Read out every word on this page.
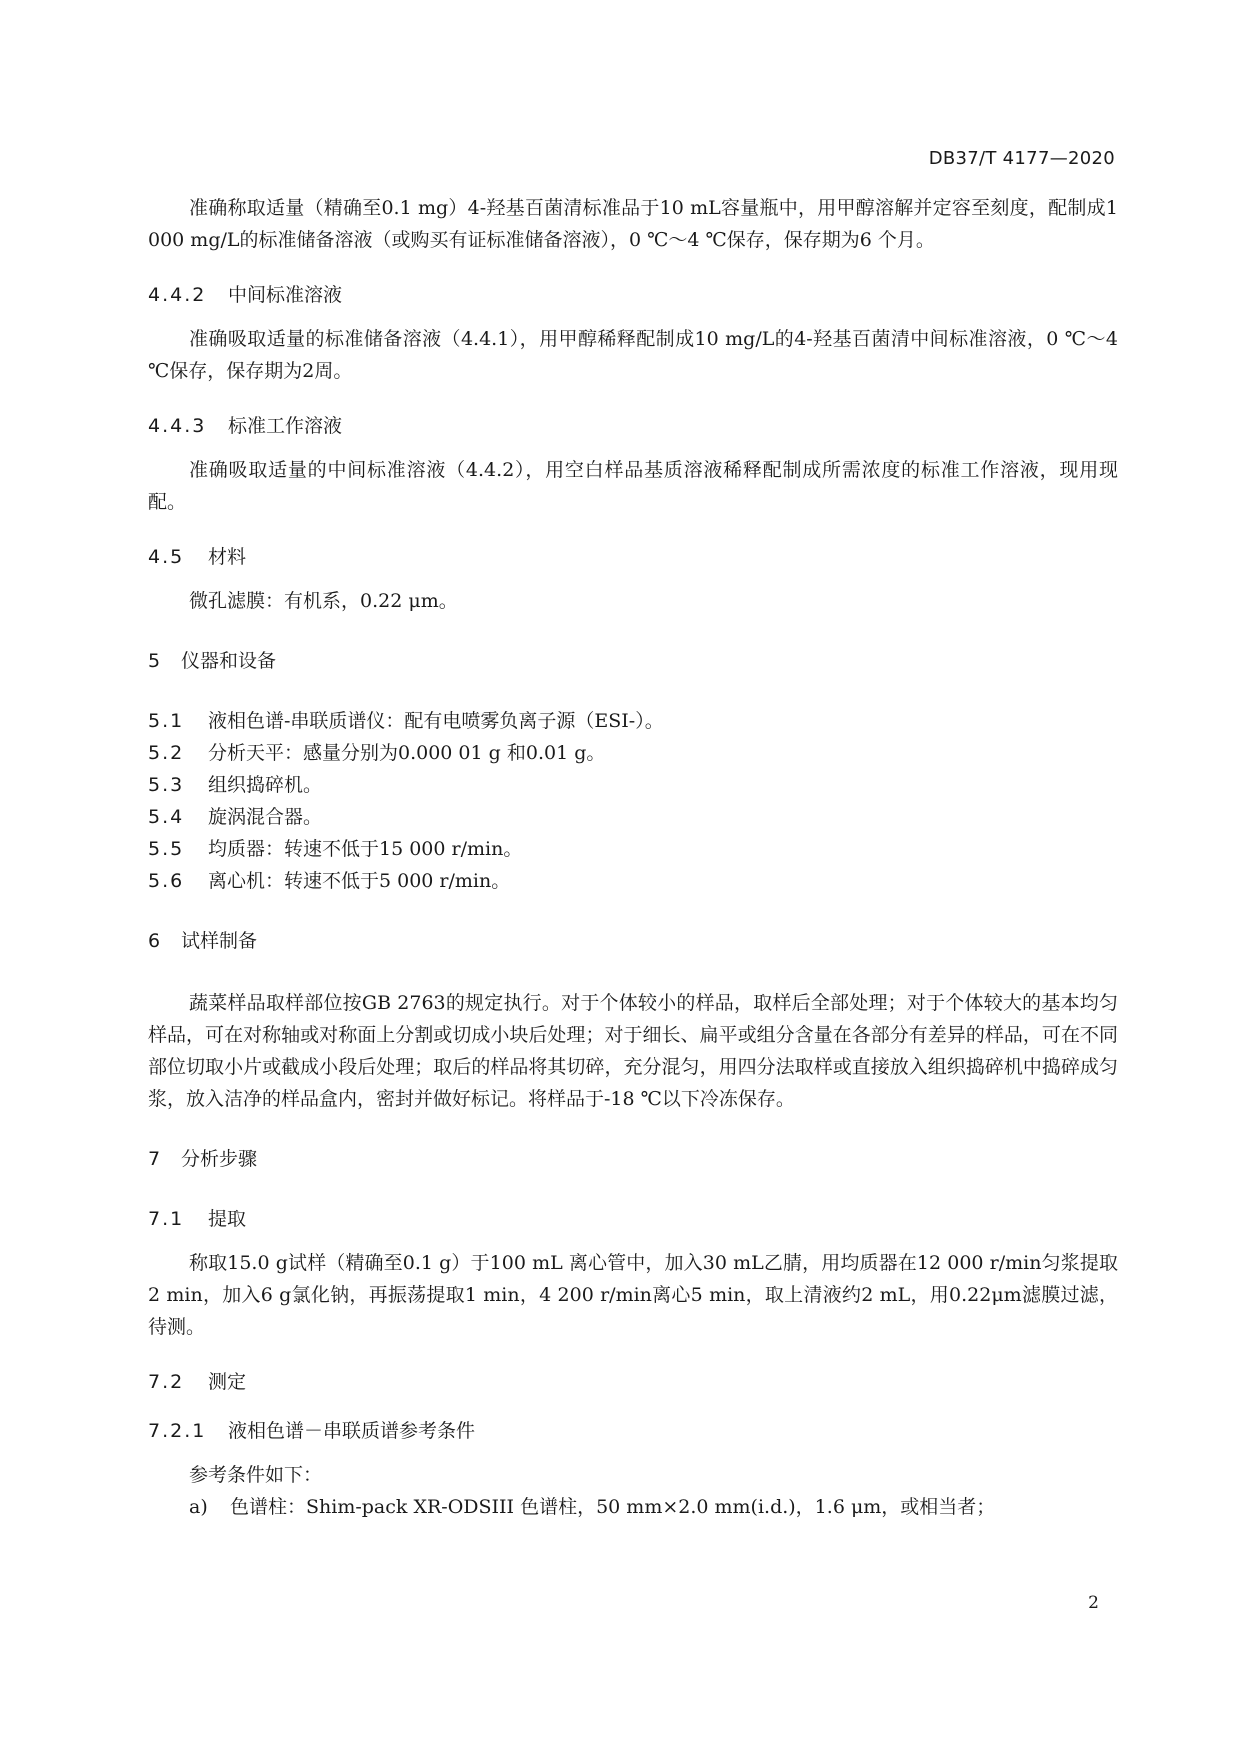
DB37/T 4177—2020

准确称取适量（精确至0.1 mg）4-羟基百菌清标准品于10 mL容量瓶中，用甲醇溶解并定容至刻度，配制成1 000 mg/L的标准储备溶液（或购买有证标准储备溶液），0 ℃～4 ℃保存，保存期为6 个月。

4.4.2	中间标准溶液

准确吸取适量的标准储备溶液（4.4.1），用甲醇稀释配制成10 mg/L的4-羟基百菌清中间标准溶液，0 ℃～4 ℃保存，保存期为2周。

4.4.3	标准工作溶液

准确吸取适量的中间标准溶液（4.4.2），用空白样品基质溶液稀释配制成所需浓度的标准工作溶液，现用现配。

4.5	材料

微孔滤膜：有机系，0.22 μm。

5	仪器和设备
5.1	液相色谱-串联质谱仪：配有电喷雾负离子源（ESI-）。
5.2	分析天平：感量分别为0.000 01 g 和0.01 g。
5.3	组织捣碎机。
5.4	旋涡混合器。
5.5	均质器：转速不低于15 000 r/min。
5.6	离心机：转速不低于5 000 r/min。
6	试样制备

蔬菜样品取样部位按GB 2763的规定执行。对于个体较小的样品，取样后全部处理；对于个体较大的基本均匀样品，可在对称轴或对称面上分割或切成小块后处理；对于细长、扁平或组分含量在各部分有差异的样品，可在不同部位切取小片或截成小段后处理；取后的样品将其切碎，充分混匀，用四分法取样或直接放入组织捣碎机中捣碎成匀浆，放入洁净的样品盒内，密封并做好标记。将样品于-18 ℃以下冷冻保存。

7	分析步骤
7.1	提取

称取15.0 g试样（精确至0.1 g）于100 mL 离心管中，加入30 mL乙腈，用均质器在12 000 r/min匀浆提取2 min，加入6 g氯化钠，再振荡提取1 min，4 200 r/min离心5 min，取上清液约2 mL，用0.22μm滤膜过滤，待测。

7.2	测定
7.2.1	液相色谱－串联质谱参考条件

参考条件如下：

a)	色谱柱：Shim-pack XR-ODSIII 色谱柱，50 mm×2.0 mm(i.d.)，1.6 μm，或相当者；
2
